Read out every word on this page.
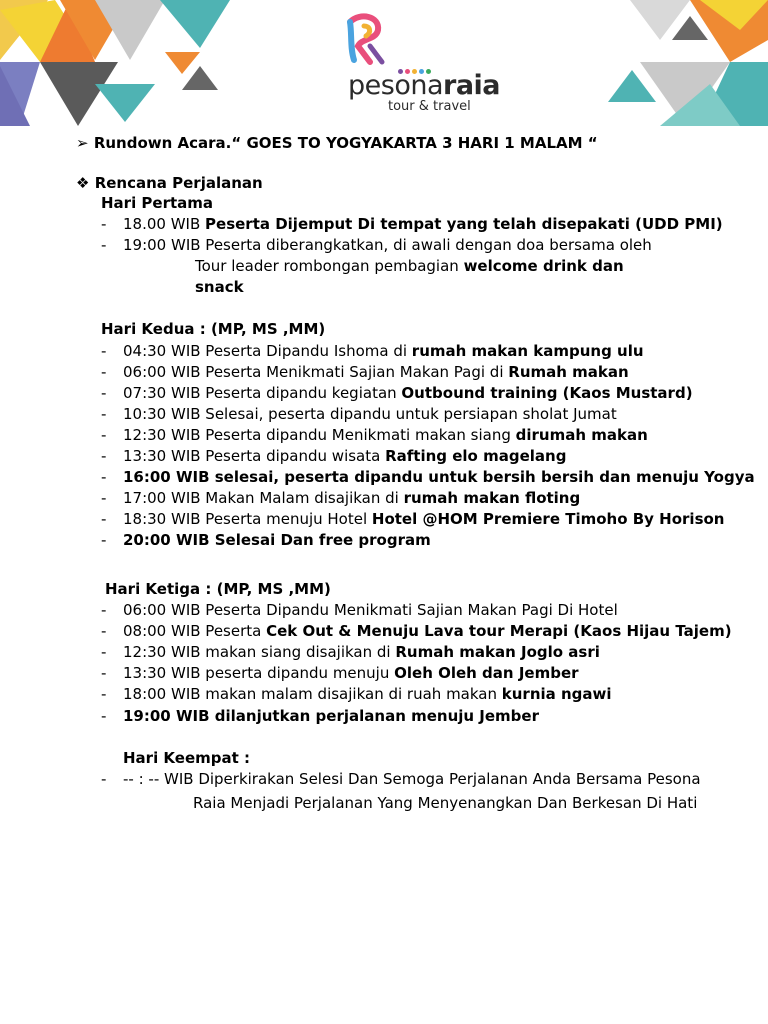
pesonaraia
tour & travel
➢ Rundown Acara.“ GOES TO YOGYAKARTA 3 HARI 1 MALAM “
❖ Rencana Perjalanan
Hari Pertama
- 18.00 WIB Peserta Dijemput Di tempat yang telah disepakati (UDD PMI)
- 19:00 WIB Peserta diberangkatkan, di awali dengan doa bersama oleh
Tour leader rombongan pembagian welcome drink dan
snack
Hari Kedua : (MP, MS ,MM)
- 04:30 WIB Peserta Dipandu Ishoma di rumah makan kampung ulu
- 06:00 WIB Peserta Menikmati Sajian Makan Pagi di Rumah makan
- 07:30 WIB Peserta dipandu kegiatan Outbound training (Kaos Mustard)
- 10:30 WIB Selesai, peserta dipandu untuk persiapan sholat Jumat
- 12:30 WIB Peserta dipandu Menikmati makan siang dirumah makan
- 13:30 WIB Peserta dipandu wisata Rafting elo magelang
- 16:00 WIB selesai, peserta dipandu untuk bersih bersih dan menuju Yogya
- 17:00 WIB Makan Malam disajikan di rumah makan floting
- 18:30 WIB Peserta menuju Hotel Hotel @HOM Premiere Timoho By Horison
- 20:00 WIB Selesai Dan free program
Hari Ketiga : (MP, MS ,MM)
- 06:00 WIB Peserta Dipandu Menikmati Sajian Makan Pagi Di Hotel
- 08:00 WIB Peserta Cek Out & Menuju Lava tour Merapi (Kaos Hijau Tajem)
- 12:30 WIB makan siang disajikan di Rumah makan Joglo asri
- 13:30 WIB peserta dipandu menuju Oleh Oleh dan Jember
- 18:00 WIB makan malam disajikan di ruah makan kurnia ngawi
- 19:00 WIB dilanjutkan perjalanan menuju Jember
Hari Keempat :
- -- : -- WIB Diperkirakan Selesi Dan Semoga Perjalanan Anda Bersama Pesona
Raia Menjadi Perjalanan Yang Menyenangkan Dan Berkesan Di Hati
